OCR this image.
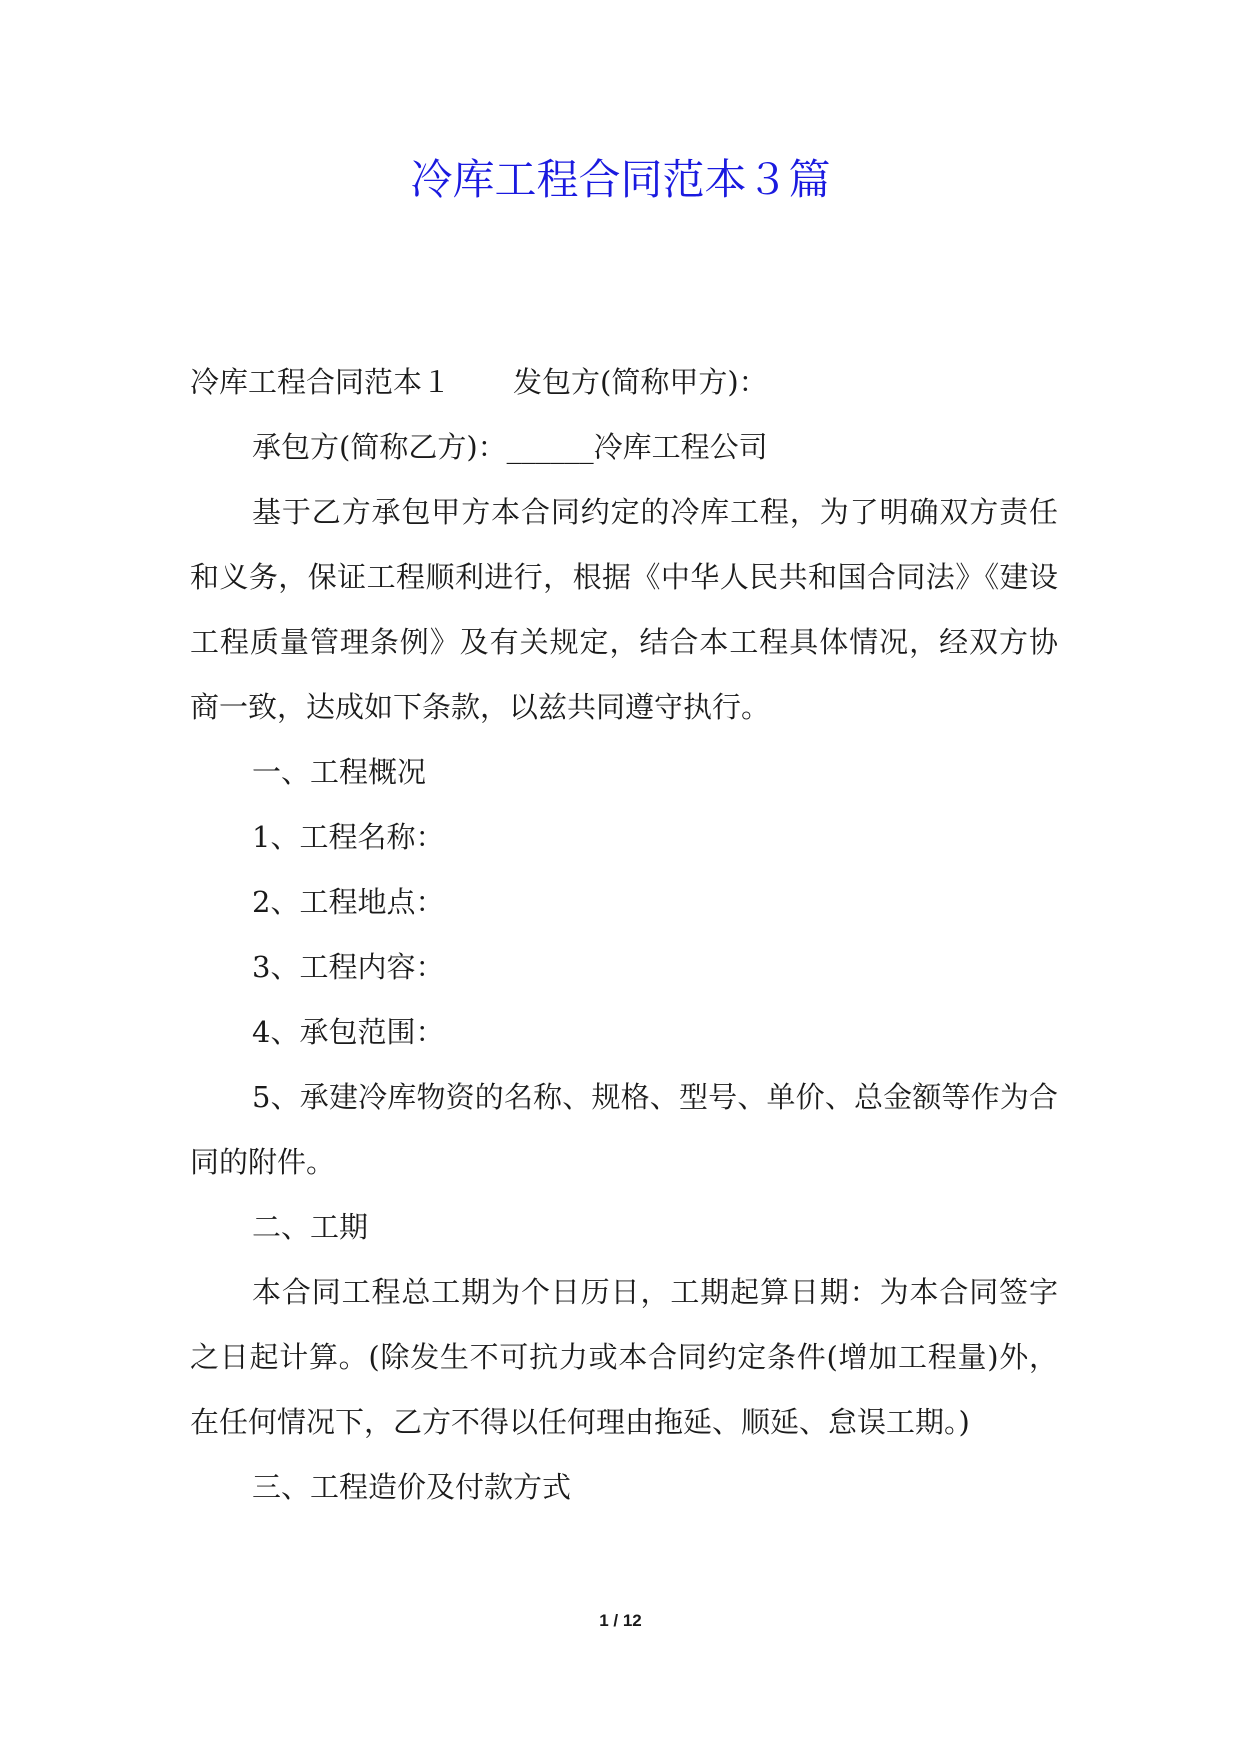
冷库工程合同范本３篇

冷库工程合同范本１ 发包方(简称甲方)：

承包方(简称乙方)：______冷库工程公司

基于乙方承包甲方本合同约定的冷库工程，为了明确双方责任和义务，保证工程顺利进行，根据《中华人民共和国合同法》《建设工程质量管理条例》及有关规定，结合本工程具体情况，经双方协商一致，达成如下条款，以兹共同遵守执行。

一、工程概况

1、工程名称：

2、工程地点：

3、工程内容：

4、承包范围：

5、承建冷库物资的名称、规格、型号、单价、总金额等作为合同的附件。

二、工期

本合同工程总工期为个日历日，工期起算日期：为本合同签字之日起计算。(除发生不可抗力或本合同约定条件(增加工程量)外，在任何情况下，乙方不得以任何理由拖延、顺延、怠误工期。)

三、工程造价及付款方式

1 / 12
